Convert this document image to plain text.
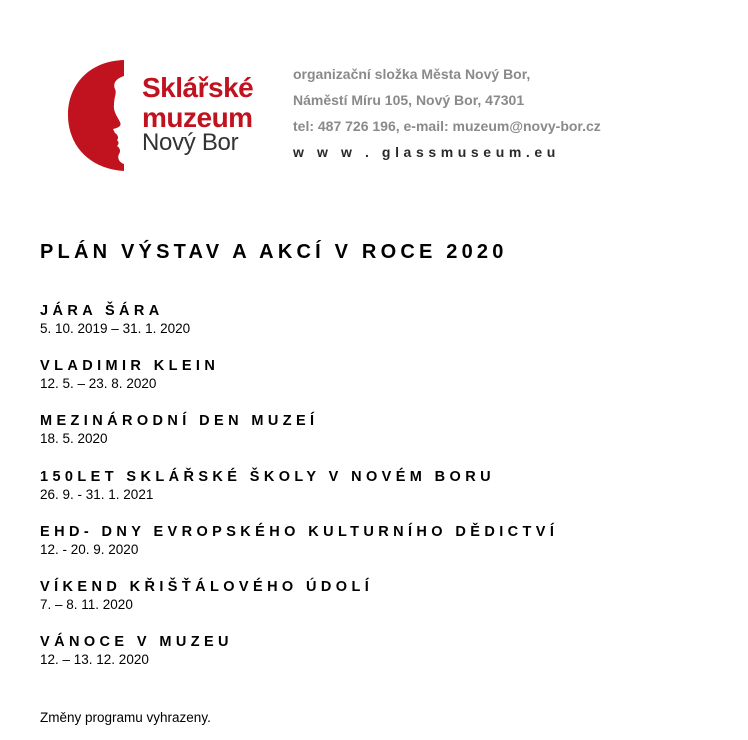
Sklářské
muzeum
Nový Bor
organizační složka Města Nový Bor,
Náměstí Míru 105, Nový Bor, 47301
tel: 487 726 196, e-mail: muzeum@novy-bor.cz
w w w . glassmuseum.eu
PLÁN VÝSTAV A AKCÍ V ROCE 2020
JÁRA ŠÁRA
5. 10. 2019 – 31. 1. 2020
VLADIMIR KLEIN
12. 5. – 23. 8. 2020
MEZINÁRODNÍ DEN MUZEÍ
18. 5. 2020
150LET SKLÁŘSKÉ ŠKOLY V NOVÉM BORU
26. 9. - 31. 1. 2021
EHD- DNY EVROPSKÉHO KULTURNÍHO DĚDICTVÍ
12. - 20. 9. 2020
VÍKEND KŘIŠŤÁLOVÉHO ÚDOLÍ
7. – 8. 11. 2020
VÁNOCE V MUZEU
12. – 13. 12. 2020
Změny programu vyhrazeny.
